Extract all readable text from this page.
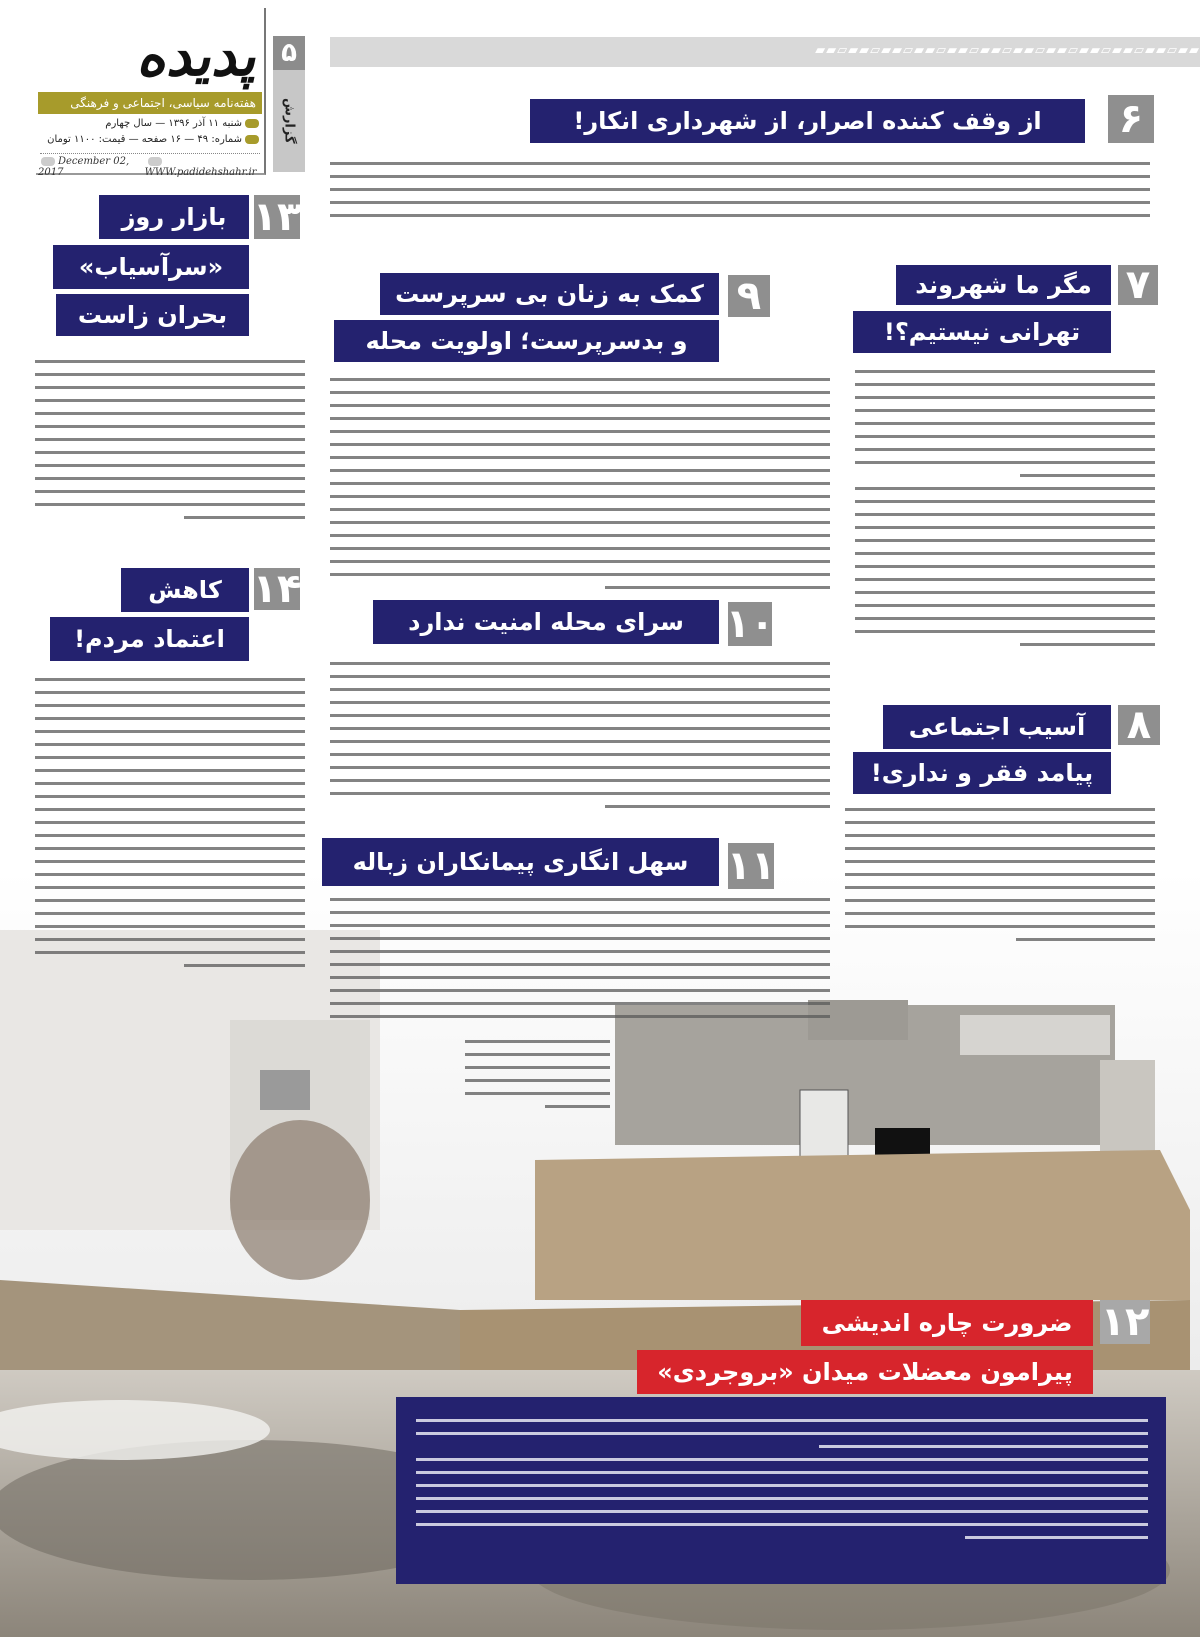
پدیده
هفته‌نامه سیاسی، اجتماعی و فرهنگی
شنبه ۱۱ آذر ۱۳۹۶ — سال چهارم
شماره: ۴۹ — ۱۶ صفحه — قیمت: ۱۱۰۰ تومان
December 02, 2017	WWW.padidehshahr.ir
۵
گزارش
▰▰▱▰▰▱▰▰▱▰▰▱▰▰▱▰▰▱▰▰▱▰▰▱▰▰▱▰▰▱▰▰▱▰▰
۶
از وقف کننده اصرار، از شهرداری انکار!
۷
مگر ما شهروند
تهرانی نیستیم؟!
۸
آسیب اجتماعی
پیامد فقر و نداری!
۹
کمک به زنان بی سرپرست
و بدسرپرست؛ اولویت محله
۱۰
سرای محله امنیت ندارد
۱۱
سهل انگاری پیمانکاران زباله
۱۲
ضرورت چاره اندیشی
پیرامون معضلات میدان «بروجردی»
۱۳
بازار روز
«سرآسیاب»
بحران زاست
۱۴
کاهش
اعتماد مردم!
